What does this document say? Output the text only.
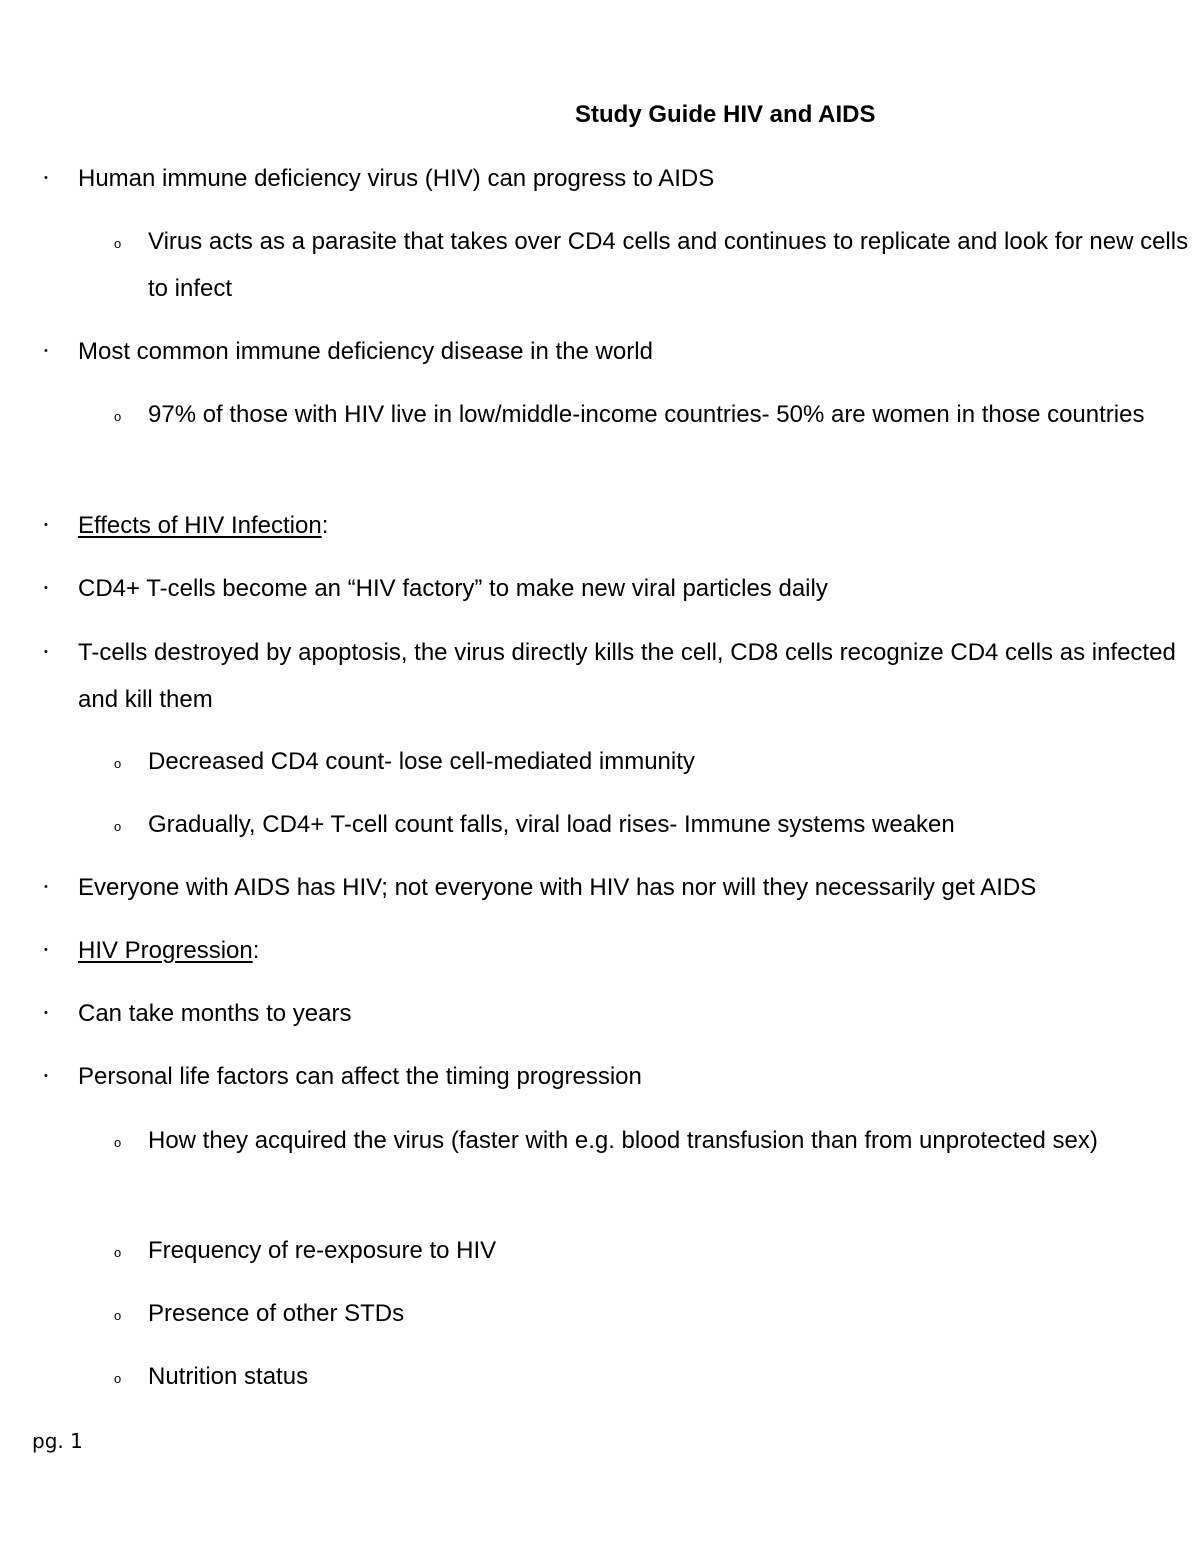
Study Guide HIV and AIDS
• Human immune deficiency virus (HIV) can progress to AIDS
o Virus acts as a parasite that takes over CD4 cells and continues to replicate and look for new cells to infect
• Most common immune deficiency disease in the world
o 97% of those with HIV live in low/middle-income countries- 50% are women in those countries
• Effects of HIV Infection:
• CD4+ T-cells become an “HIV factory” to make new viral particles daily
• T-cells destroyed by apoptosis, the virus directly kills the cell, CD8 cells recognize CD4 cells as infected and kill them
o Decreased CD4 count- lose cell-mediated immunity
o Gradually, CD4+ T-cell count falls, viral load rises- Immune systems weaken
• Everyone with AIDS has HIV; not everyone with HIV has nor will they necessarily get AIDS
• HIV Progression:
• Can take months to years
• Personal life factors can affect the timing progression
o How they acquired the virus (faster with e.g. blood transfusion than from unprotected sex)
o Frequency of re-exposure to HIV
o Presence of other STDs
o Nutrition status
pg. 1
